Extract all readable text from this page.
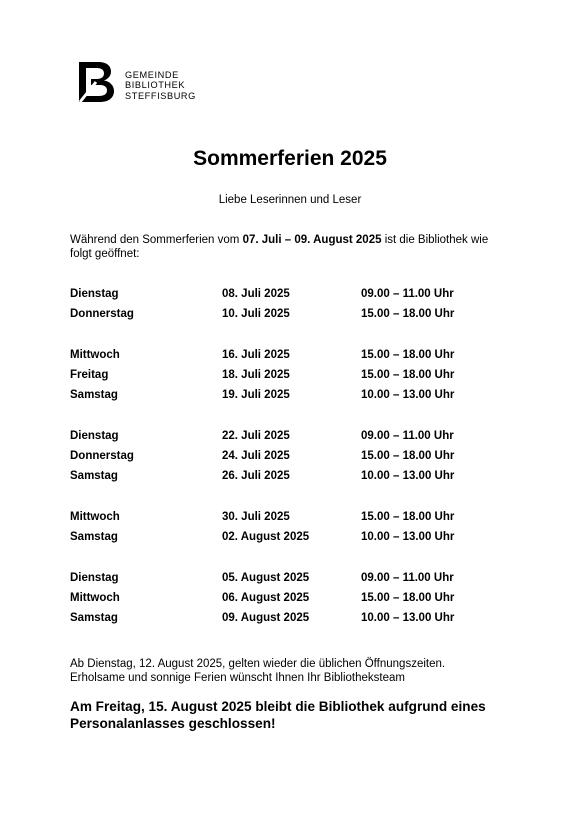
GEMEINDE
BIBLIOTHEK
STEFFISBURG
Sommerferien 2025
Liebe Leserinnen und Leser
Während den Sommerferien vom 07. Juli – 09. August 2025 ist die Bibliothek wie folgt geöffnet:
Dienstag	08. Juli 2025	09.00 – 11.00 Uhr
Donnerstag	10. Juli 2025	15.00 – 18.00 Uhr
Mittwoch	16. Juli 2025	15.00 – 18.00 Uhr
Freitag	18. Juli 2025	15.00 – 18.00 Uhr
Samstag	19. Juli 2025	10.00 – 13.00 Uhr
Dienstag	22. Juli 2025	09.00 – 11.00 Uhr
Donnerstag	24. Juli 2025	15.00 – 18.00 Uhr
Samstag	26. Juli 2025	10.00 – 13.00 Uhr
Mittwoch	30. Juli 2025	15.00 – 18.00 Uhr
Samstag	02. August 2025	10.00 – 13.00 Uhr
Dienstag	05. August 2025	09.00 – 11.00 Uhr
Mittwoch	06. August 2025	15.00 – 18.00 Uhr
Samstag	09. August 2025	10.00 – 13.00 Uhr
Ab Dienstag, 12. August 2025, gelten wieder die üblichen Öffnungszeiten.
Erholsame und sonnige Ferien wünscht Ihnen Ihr Bibliotheksteam
Am Freitag, 15. August 2025 bleibt die Bibliothek aufgrund eines Personalanlasses geschlossen!
